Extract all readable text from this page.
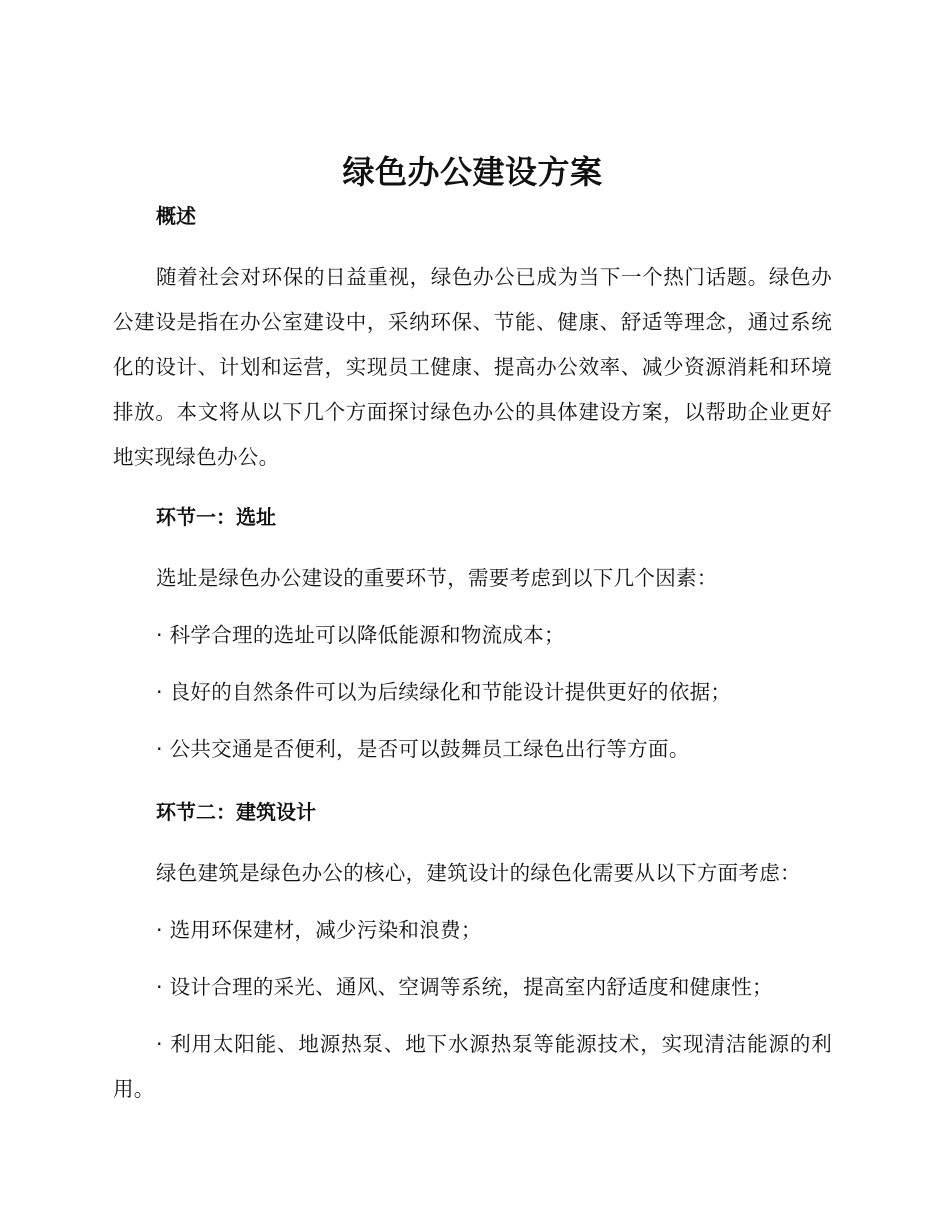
绿色办公建设方案

概述

随着社会对环保的日益重视，绿色办公已成为当下一个热门话题。绿色办公建设是指在办公室建设中，采纳环保、节能、健康、舒适等理念，通过系统化的设计、计划和运营，实现员工健康、提高办公效率、减少资源消耗和环境排放。本文将从以下几个方面探讨绿色办公的具体建设方案，以帮助企业更好地实现绿色办公。

环节一：选址

选址是绿色办公建设的重要环节，需要考虑到以下几个因素：

· 科学合理的选址可以降低能源和物流成本；

· 良好的自然条件可以为后续绿化和节能设计提供更好的依据；

· 公共交通是否便利，是否可以鼓舞员工绿色出行等方面。

环节二：建筑设计

绿色建筑是绿色办公的核心，建筑设计的绿色化需要从以下方面考虑：

· 选用环保建材，减少污染和浪费；

· 设计合理的采光、通风、空调等系统，提高室内舒适度和健康性；

· 利用太阳能、地源热泵、地下水源热泵等能源技术，实现清洁能源的利用。
